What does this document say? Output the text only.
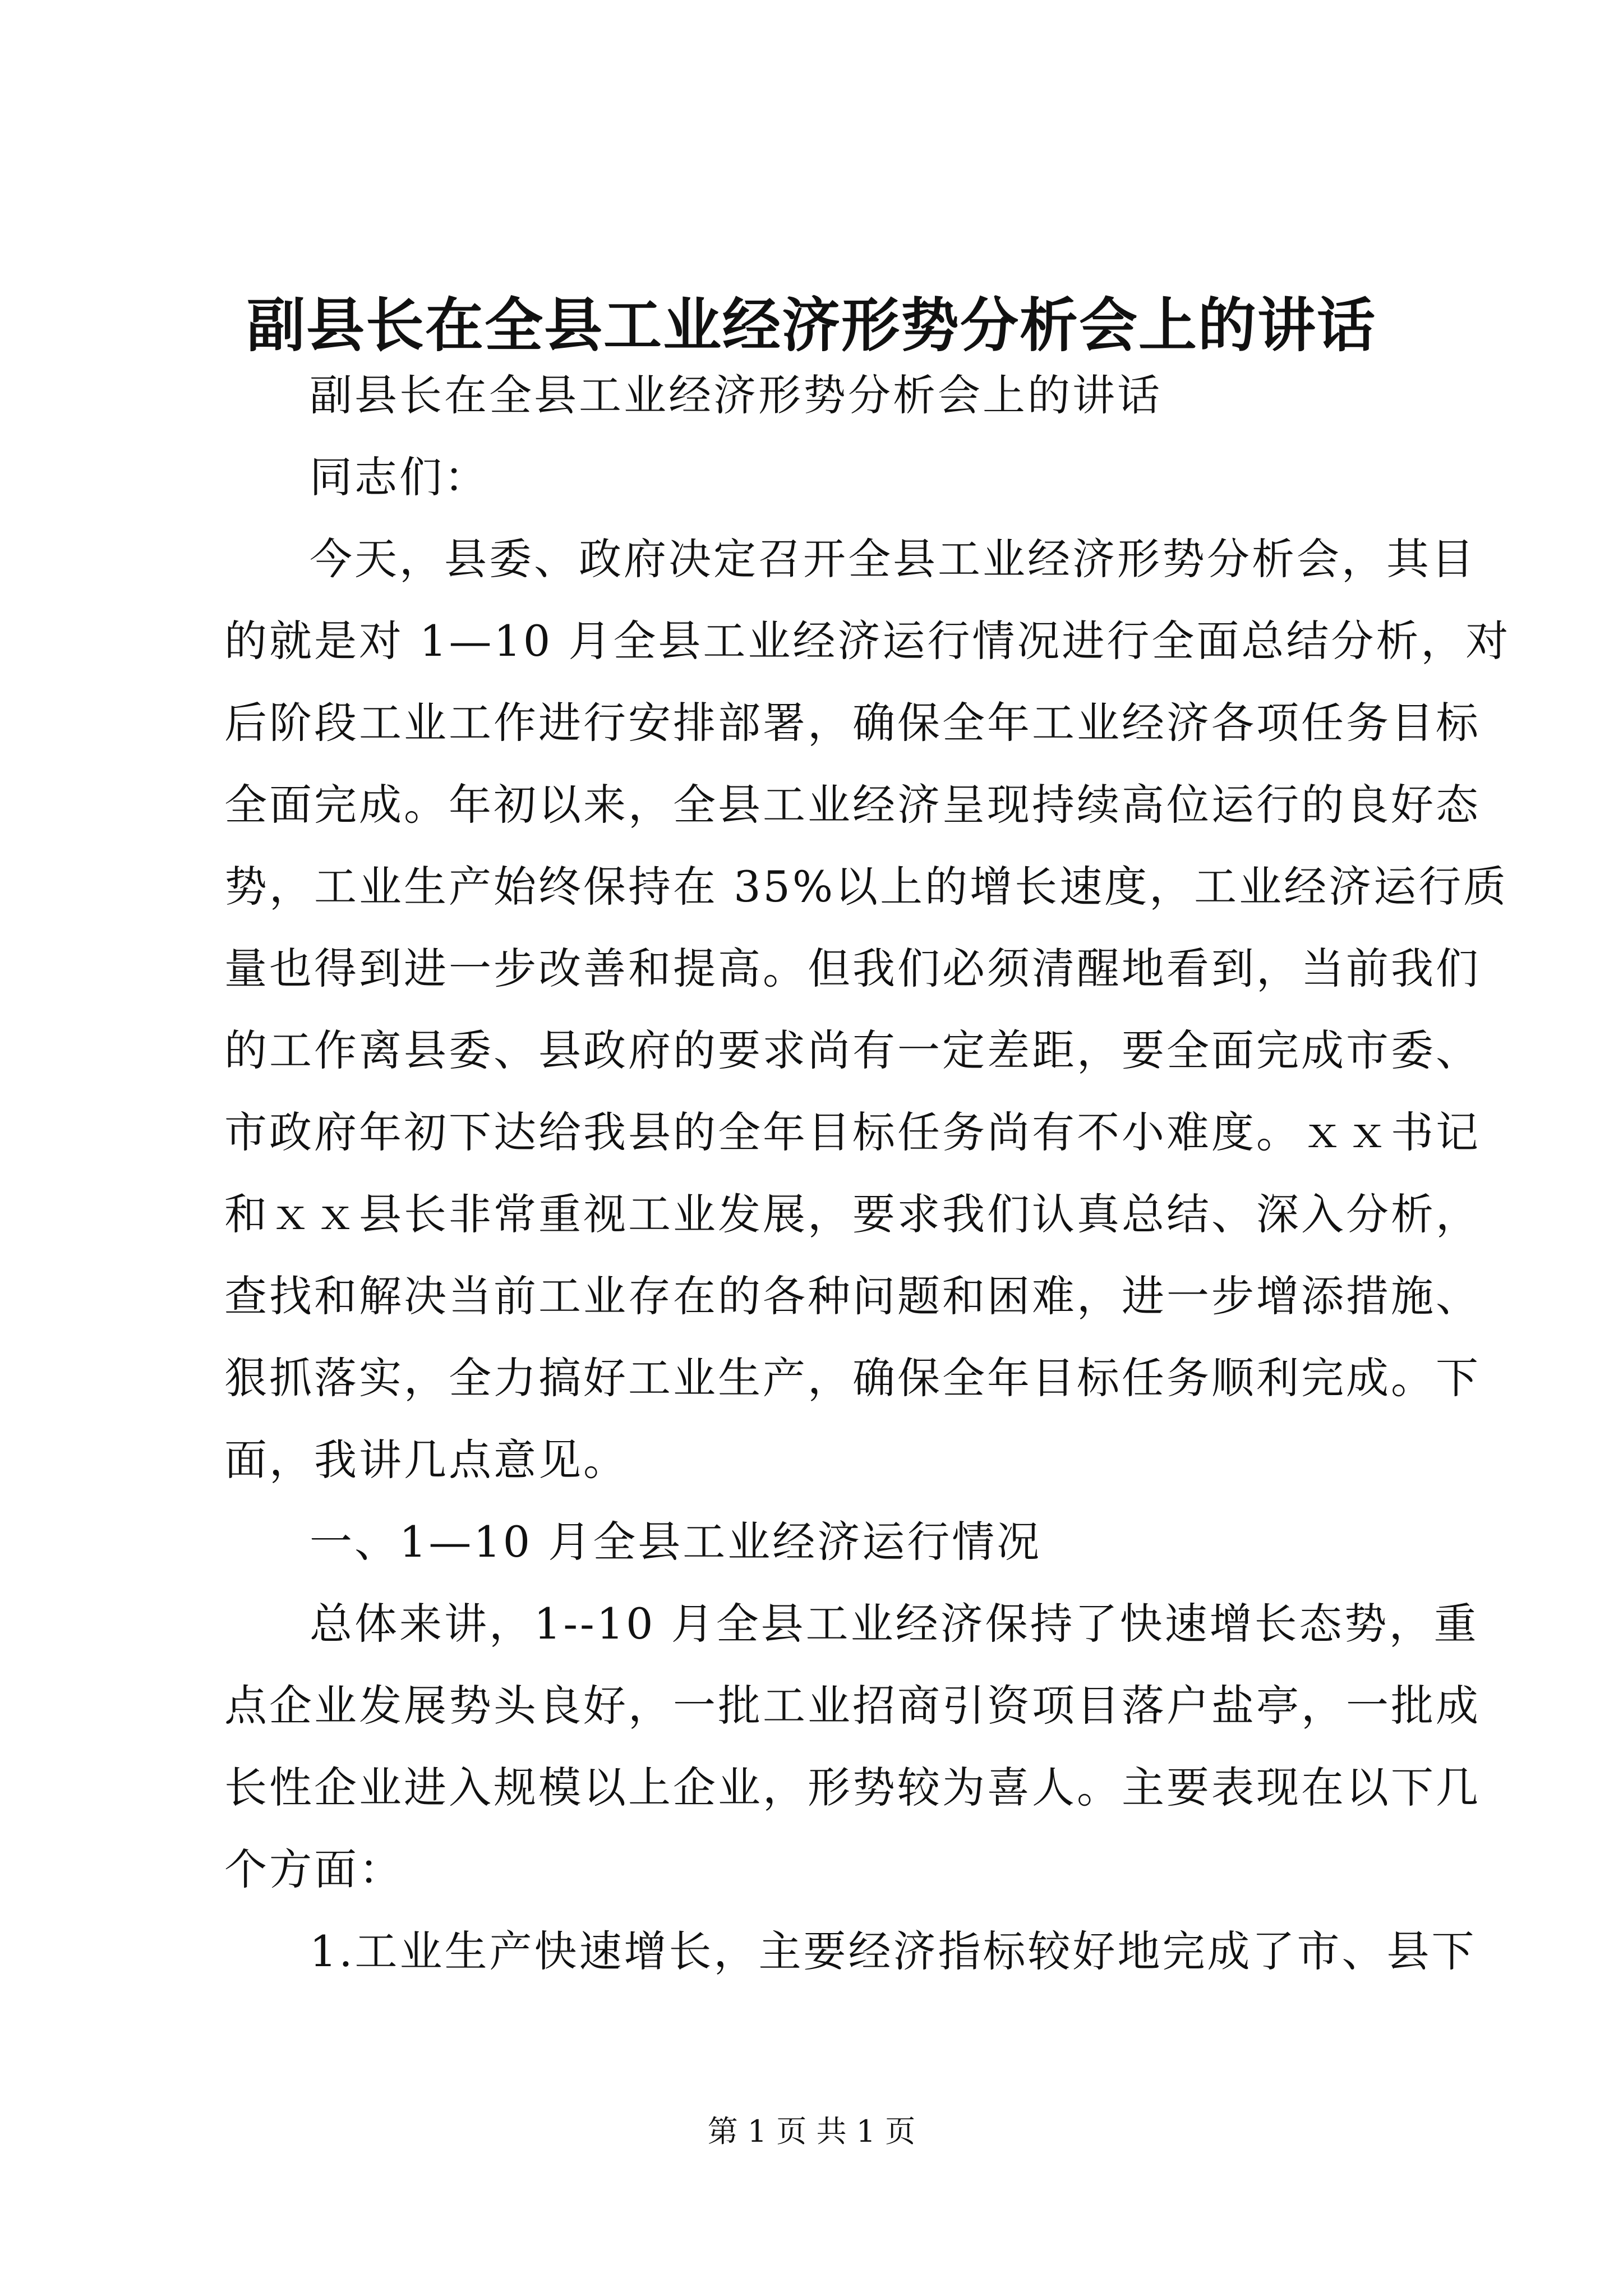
副县长在全县工业经济形势分析会上的讲话
副县长在全县工业经济形势分析会上的讲话
同志们：
今天，县委、政府决定召开全县工业经济形势分析会，其目
的就是对 1—10 月全县工业经济运行情况进行全面总结分析，对
后阶段工业工作进行安排部署，确保全年工业经济各项任务目标
全面完成。年初以来，全县工业经济呈现持续高位运行的良好态
势，工业生产始终保持在 35%以上的增长速度，工业经济运行质
量也得到进一步改善和提高。但我们必须清醒地看到，当前我们
的工作离县委、县政府的要求尚有一定差距，要全面完成市委、
市政府年初下达给我县的全年目标任务尚有不小难度。ｘｘ书记
和ｘｘ县长非常重视工业发展，要求我们认真总结、深入分析，
查找和解决当前工业存在的各种问题和困难，进一步增添措施、
狠抓落实，全力搞好工业生产，确保全年目标任务顺利完成。下
面，我讲几点意见。
一、1—10 月全县工业经济运行情况
总体来讲，1--10 月全县工业经济保持了快速增长态势，重
点企业发展势头良好，一批工业招商引资项目落户盐亭，一批成
长性企业进入规模以上企业，形势较为喜人。主要表现在以下几
个方面：
1.工业生产快速增长，主要经济指标较好地完成了市、县下
第 1 页 共 1 页
